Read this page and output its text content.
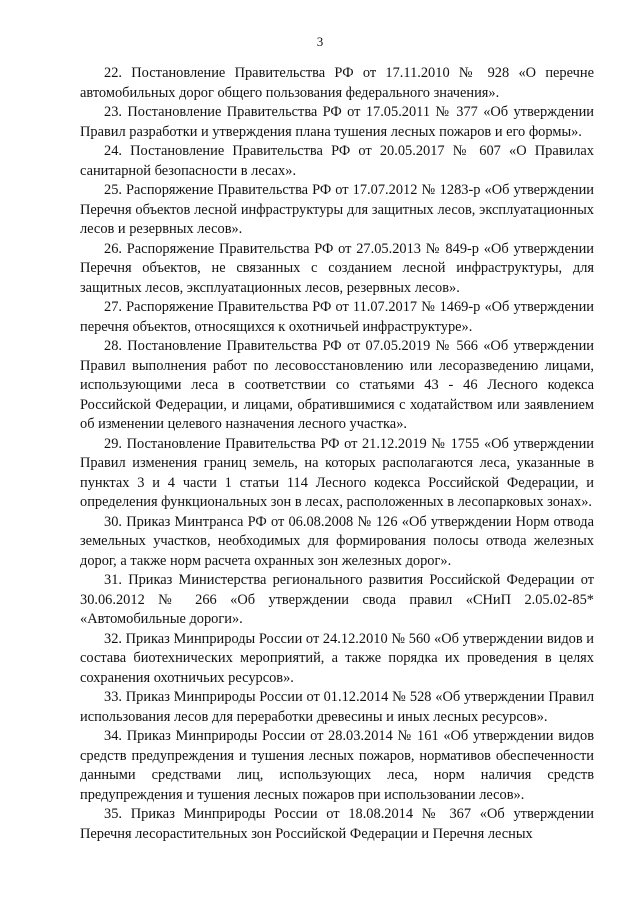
3

22. Постановление Правительства РФ от 17.11.2010 № 928 «О перечне автомобильных дорог общего пользования федерального значения».

23. Постановление Правительства РФ от 17.05.2011 № 377 «Об утверждении Правил разработки и утверждения плана тушения лесных пожаров и его формы».

24. Постановление Правительства РФ от 20.05.2017 № 607 «О Правилах санитарной безопасности в лесах».

25. Распоряжение Правительства РФ от 17.07.2012 № 1283-р «Об утверждении Перечня объектов лесной инфраструктуры для защитных лесов, эксплуатационных лесов и резервных лесов».

26. Распоряжение Правительства РФ от 27.05.2013 № 849-р «Об утверждении Перечня объектов, не связанных с созданием лесной инфраструктуры, для защитных лесов, эксплуатационных лесов, резервных лесов».

27. Распоряжение Правительства РФ от 11.07.2017 № 1469-р «Об утверждении перечня объектов, относящихся к охотничьей инфраструктуре».

28. Постановление Правительства РФ от 07.05.2019 № 566 «Об утверждении Правил выполнения работ по лесовосстановлению или лесоразведению лицами, использующими леса в соответствии со статьями 43 - 46 Лесного кодекса Российской Федерации, и лицами, обратившимися с ходатайством или заявлением об изменении целевого назначения лесного участка».

29. Постановление Правительства РФ от 21.12.2019 № 1755 «Об утверждении Правил изменения границ земель, на которых располагаются леса, указанные в пунктах 3 и 4 части 1 статьи 114 Лесного кодекса Российской Федерации, и определения функциональных зон в лесах, расположенных в лесопарковых зонах».

30. Приказ Минтранса РФ от 06.08.2008 № 126 «Об утверждении Норм отвода земельных участков, необходимых для формирования полосы отвода железных дорог, а также норм расчета охранных зон железных дорог».

31. Приказ Министерства регионального развития Российской Федерации от 30.06.2012 № 266 «Об утверждении свода правил «СНиП 2.05.02-85* «Автомобильные дороги».

32. Приказ Минприроды России от 24.12.2010 № 560 «Об утверждении видов и состава биотехнических мероприятий, а также порядка их проведения в целях сохранения охотничьих ресурсов».

33. Приказ Минприроды России от 01.12.2014 № 528 «Об утверждении Правил использования лесов для переработки древесины и иных лесных ресурсов».

34. Приказ Минприроды России от 28.03.2014 № 161 «Об утверждении видов средств предупреждения и тушения лесных пожаров, нормативов обеспеченности данными средствами лиц, использующих леса, норм наличия средств предупреждения и тушения лесных пожаров при использовании лесов».

35. Приказ Минприроды России от 18.08.2014 № 367 «Об утверждении Перечня лесорастительных зон Российской Федерации и Перечня лесных
